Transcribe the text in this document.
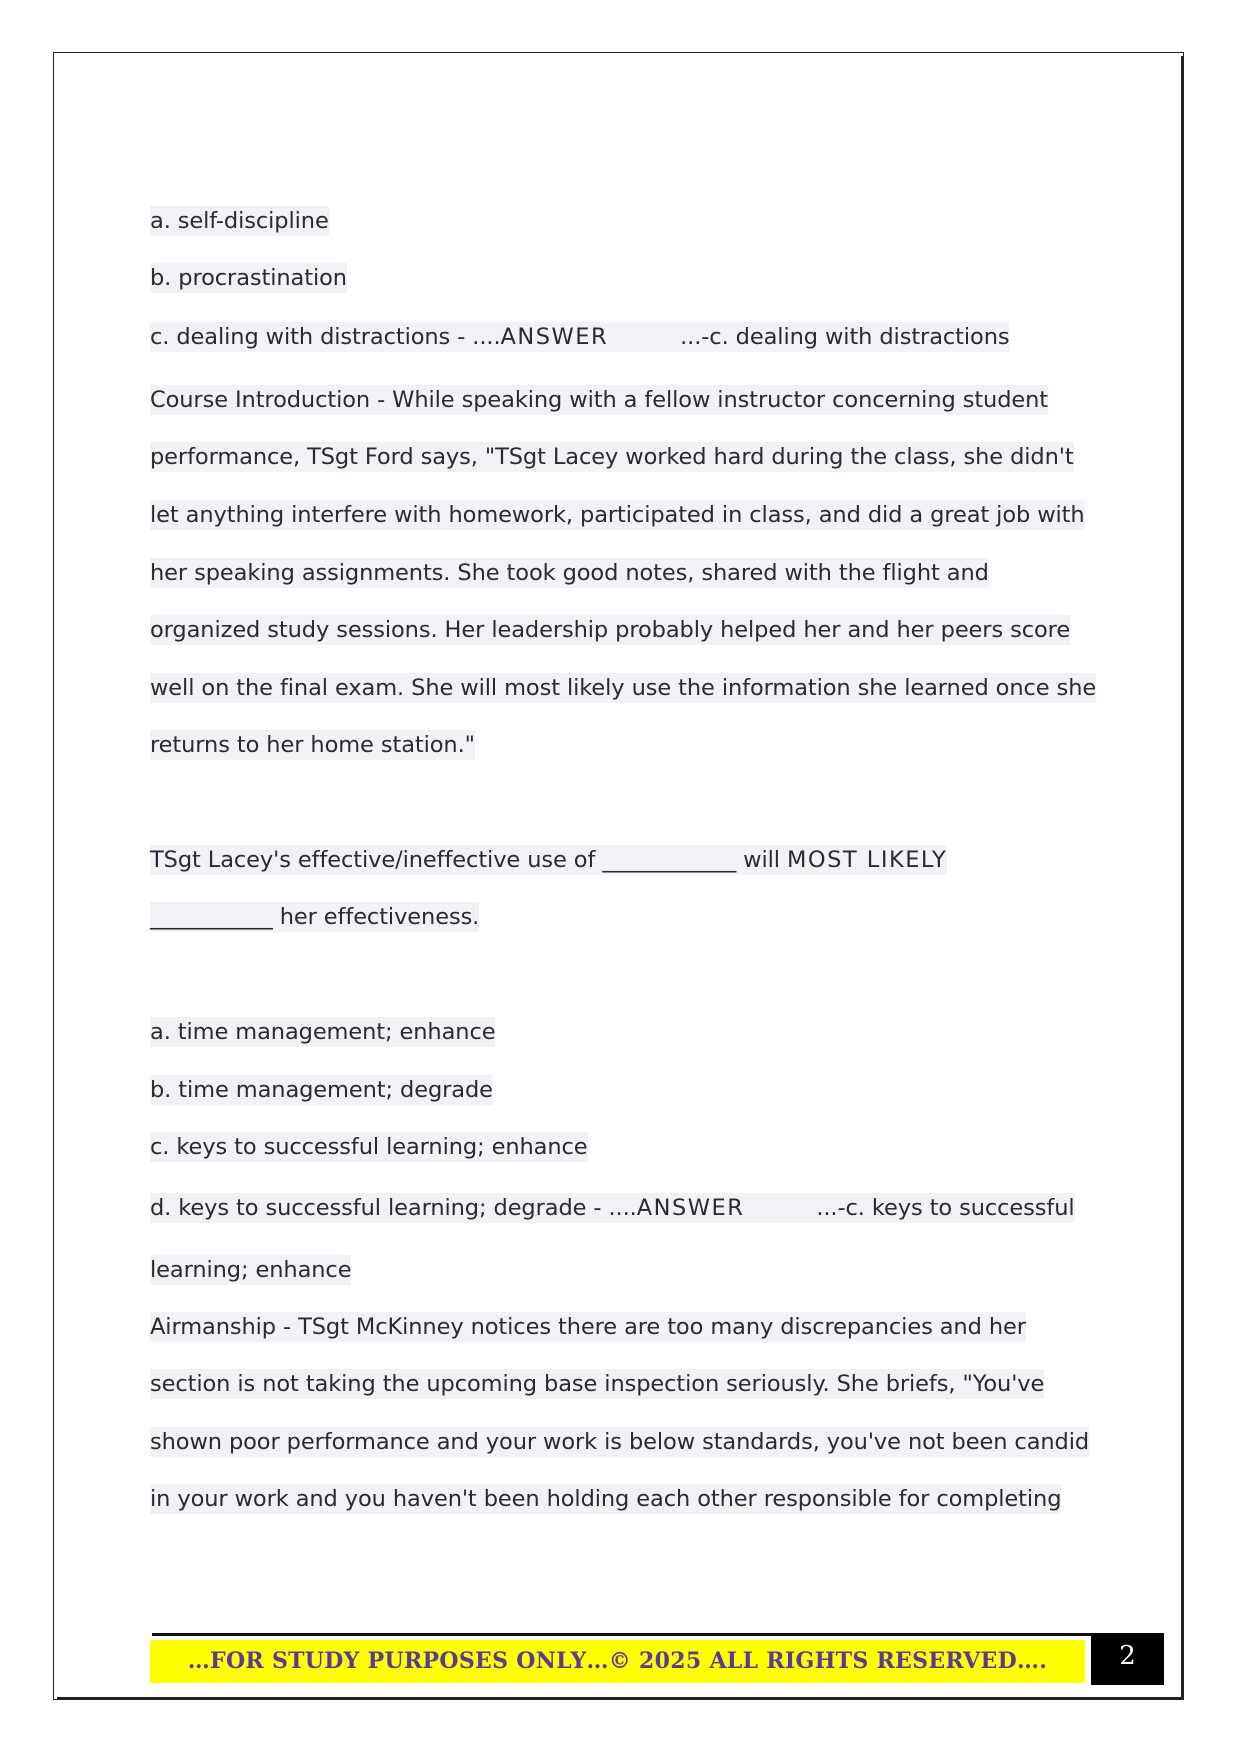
a. self-discipline
b. procrastination
c. dealing with distractions - ....ANSWER	...-c. dealing with distractions
Course Introduction - While speaking with a fellow instructor concerning student
performance, TSgt Ford says, "TSgt Lacey worked hard during the class, she didn't
let anything interfere with homework, participated in class, and did a great job with
her speaking assignments. She took good notes, shared with the flight and
organized study sessions. Her leadership probably helped her and her peers score
well on the final exam. She will most likely use the information she learned once she
returns to her home station."
TSgt Lacey's effective/ineffective use of ____________ will MOST LIKELY
___________ her effectiveness.
a. time management; enhance
b. time management; degrade
c. keys to successful learning; enhance
d. keys to successful learning; degrade - ....ANSWER	...-c. keys to successful
learning; enhance
Airmanship - TSgt McKinney notices there are too many discrepancies and her
section is not taking the upcoming base inspection seriously. She briefs, "You've
shown poor performance and your work is below standards, you've not been candid
in your work and you haven't been holding each other responsible for completing
…FOR STUDY PURPOSES ONLY…© 2025 ALL RIGHTS RESERVED….	2
